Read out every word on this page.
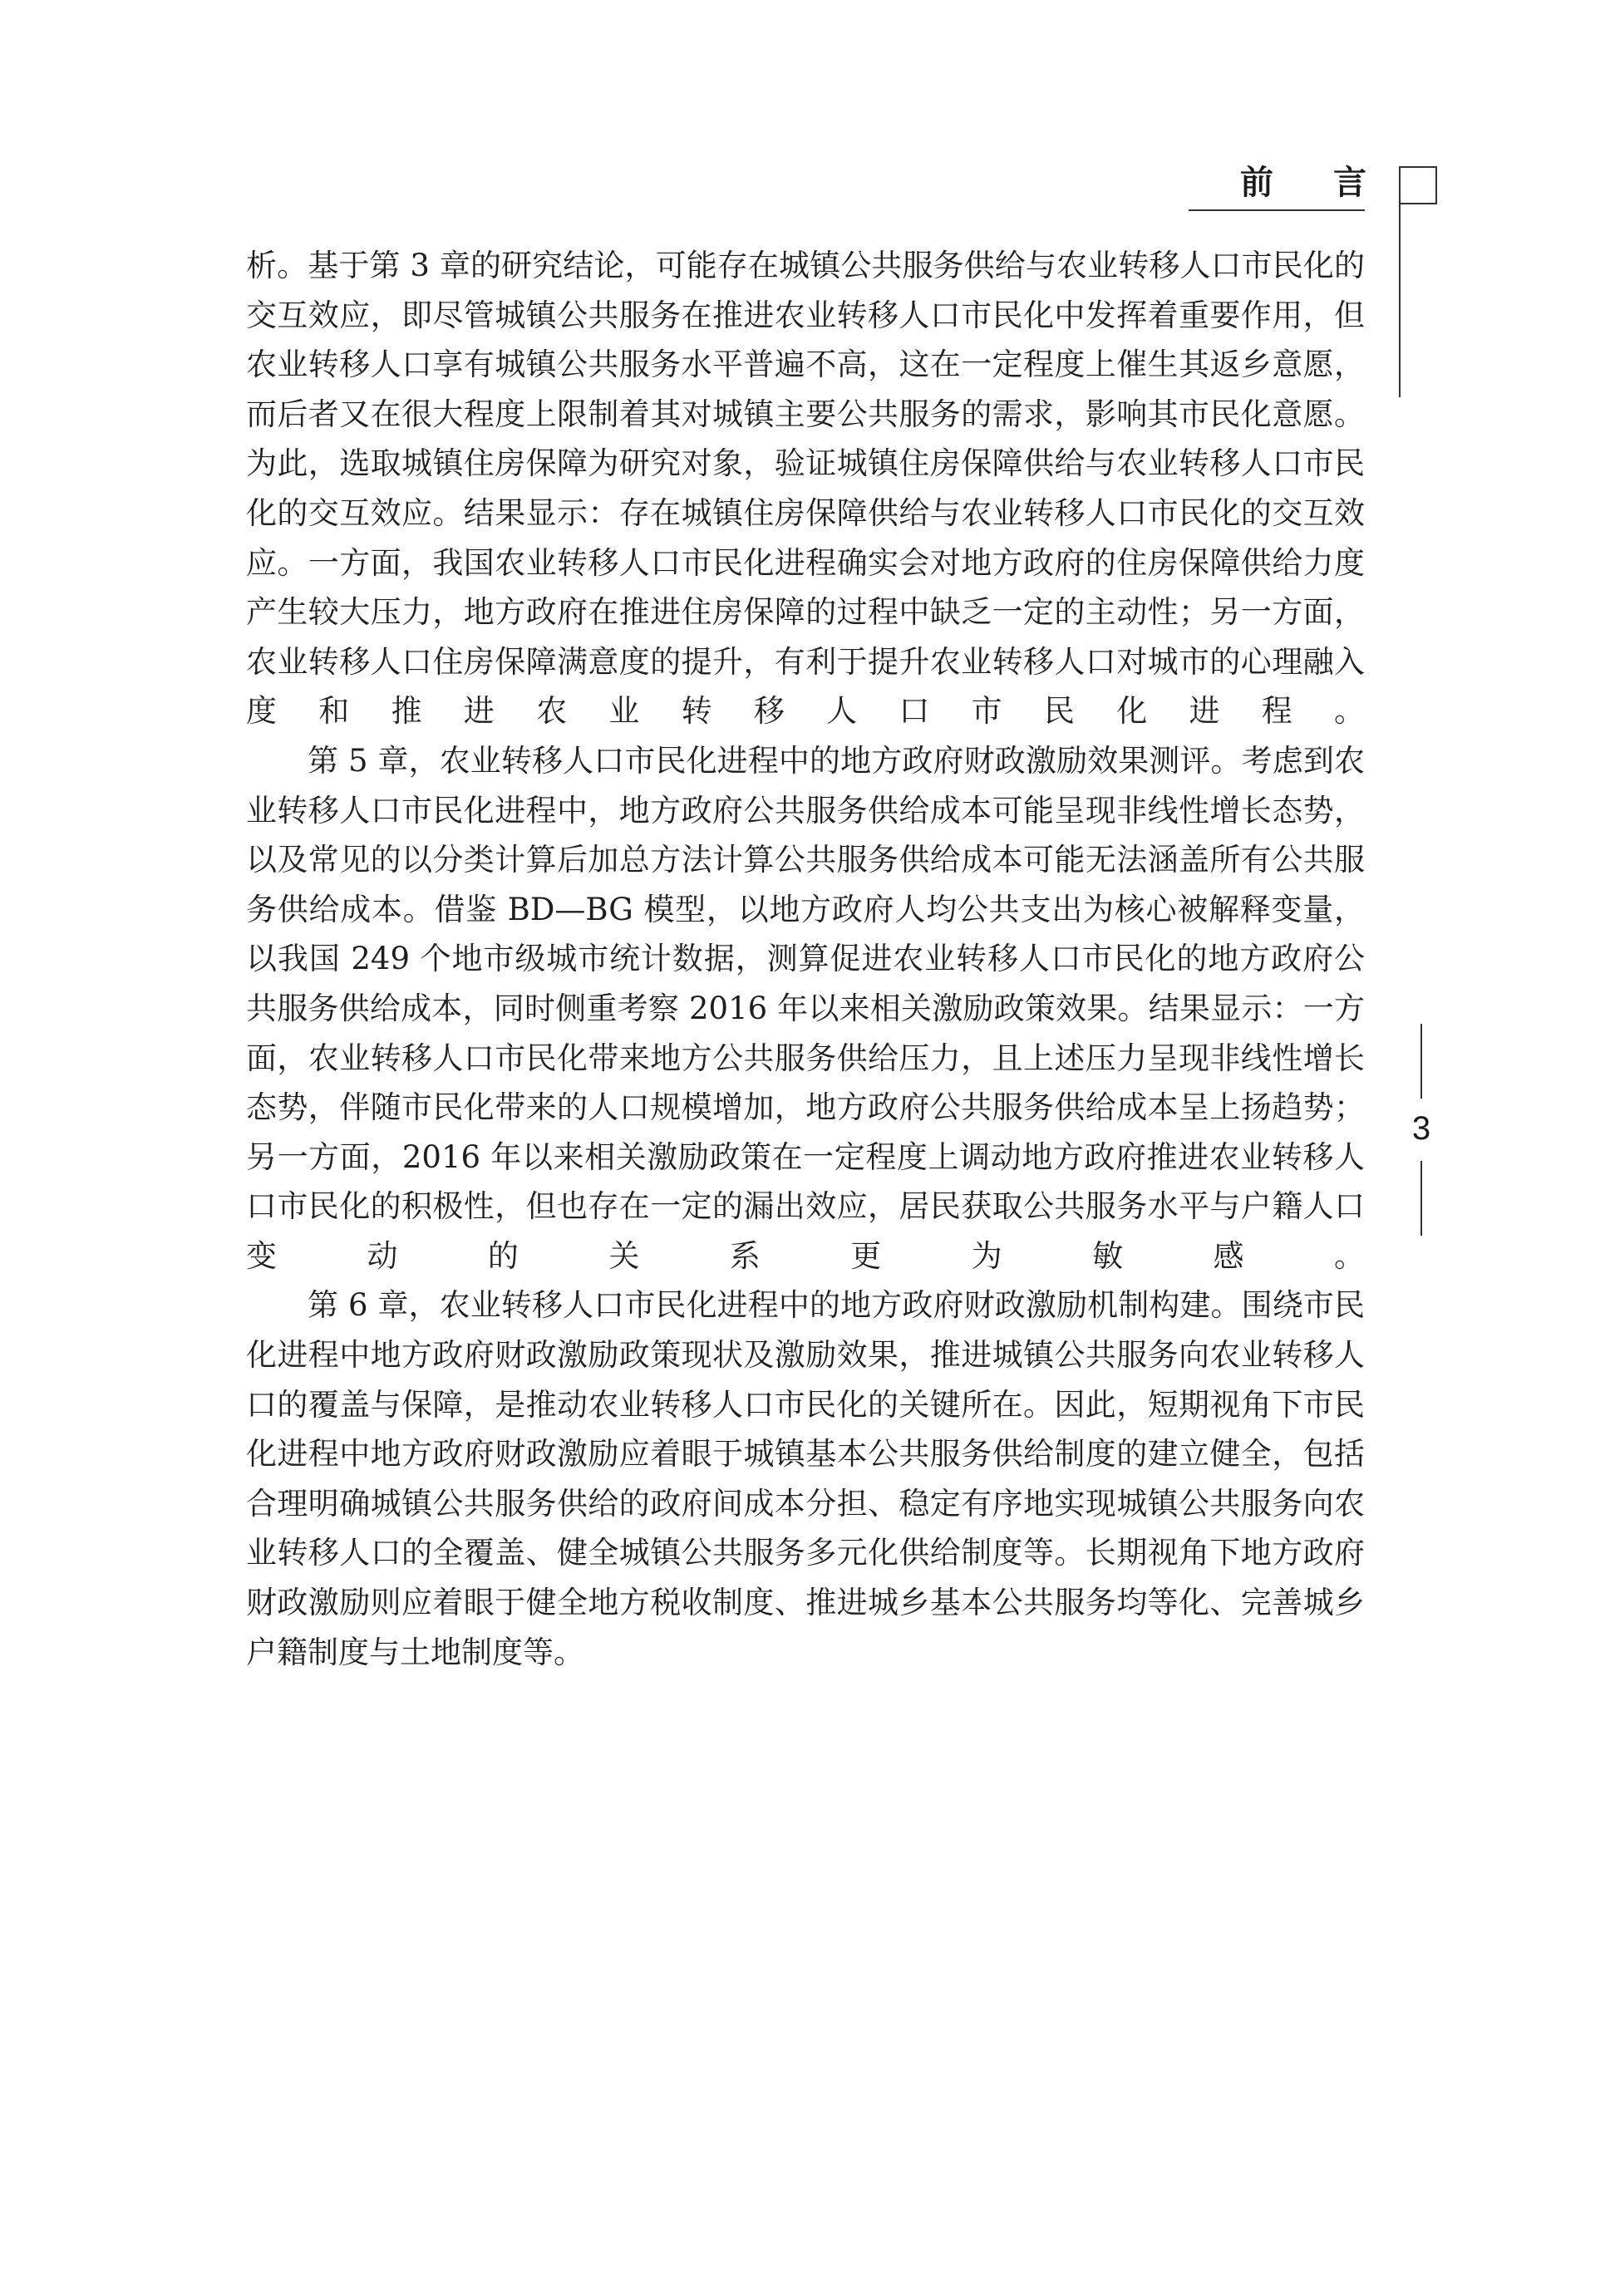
前 言
3

析。基于第 3 章的研究结论，可能存在城镇公共服务供给与农业转移人口市民化的交互效应，即尽管城镇公共服务在推进农业转移人口市民化中发挥着重要作用，但农业转移人口享有城镇公共服务水平普遍不高，这在一定程度上催生其返乡意愿，而后者又在很大程度上限制着其对城镇主要公共服务的需求，影响其市民化意愿。为此，选取城镇住房保障为研究对象，验证城镇住房保障供给与农业转移人口市民化的交互效应。结果显示：存在城镇住房保障供给与农业转移人口市民化的交互效应。一方面，我国农业转移人口市民化进程确实会对地方政府的住房保障供给力度产生较大压力，地方政府在推进住房保障的过程中缺乏一定的主动性；另一方面，农业转移人口住房保障满意度的提升，有利于提升农业转移人口对城市的心理融入度和推进农业转移人口市民化进程。

第 5 章，农业转移人口市民化进程中的地方政府财政激励效果测评。考虑到农业转移人口市民化进程中，地方政府公共服务供给成本可能呈现非线性增长态势，以及常见的以分类计算后加总方法计算公共服务供给成本可能无法涵盖所有公共服务供给成本。借鉴 BD—BG 模型，以地方政府人均公共支出为核心被解释变量，以我国 249 个地市级城市统计数据，测算促进农业转移人口市民化的地方政府公共服务供给成本，同时侧重考察 2016 年以来相关激励政策效果。结果显示：一方面，农业转移人口市民化带来地方公共服务供给压力，且上述压力呈现非线性增长态势，伴随市民化带来的人口规模增加，地方政府公共服务供给成本呈上扬趋势；另一方面，2016 年以来相关激励政策在一定程度上调动地方政府推进农业转移人口市民化的积极性，但也存在一定的漏出效应，居民获取公共服务水平与户籍人口变动的关系更为敏感。

第 6 章，农业转移人口市民化进程中的地方政府财政激励机制构建。围绕市民化进程中地方政府财政激励政策现状及激励效果，推进城镇公共服务向农业转移人口的覆盖与保障，是推动农业转移人口市民化的关键所在。因此，短期视角下市民化进程中地方政府财政激励应着眼于城镇基本公共服务供给制度的建立健全，包括合理明确城镇公共服务供给的政府间成本分担、稳定有序地实现城镇公共服务向农业转移人口的全覆盖、健全城镇公共服务多元化供给制度等。长期视角下地方政府财政激励则应着眼于健全地方税收制度、推进城乡基本公共服务均等化、完善城乡户籍制度与土地制度等。
